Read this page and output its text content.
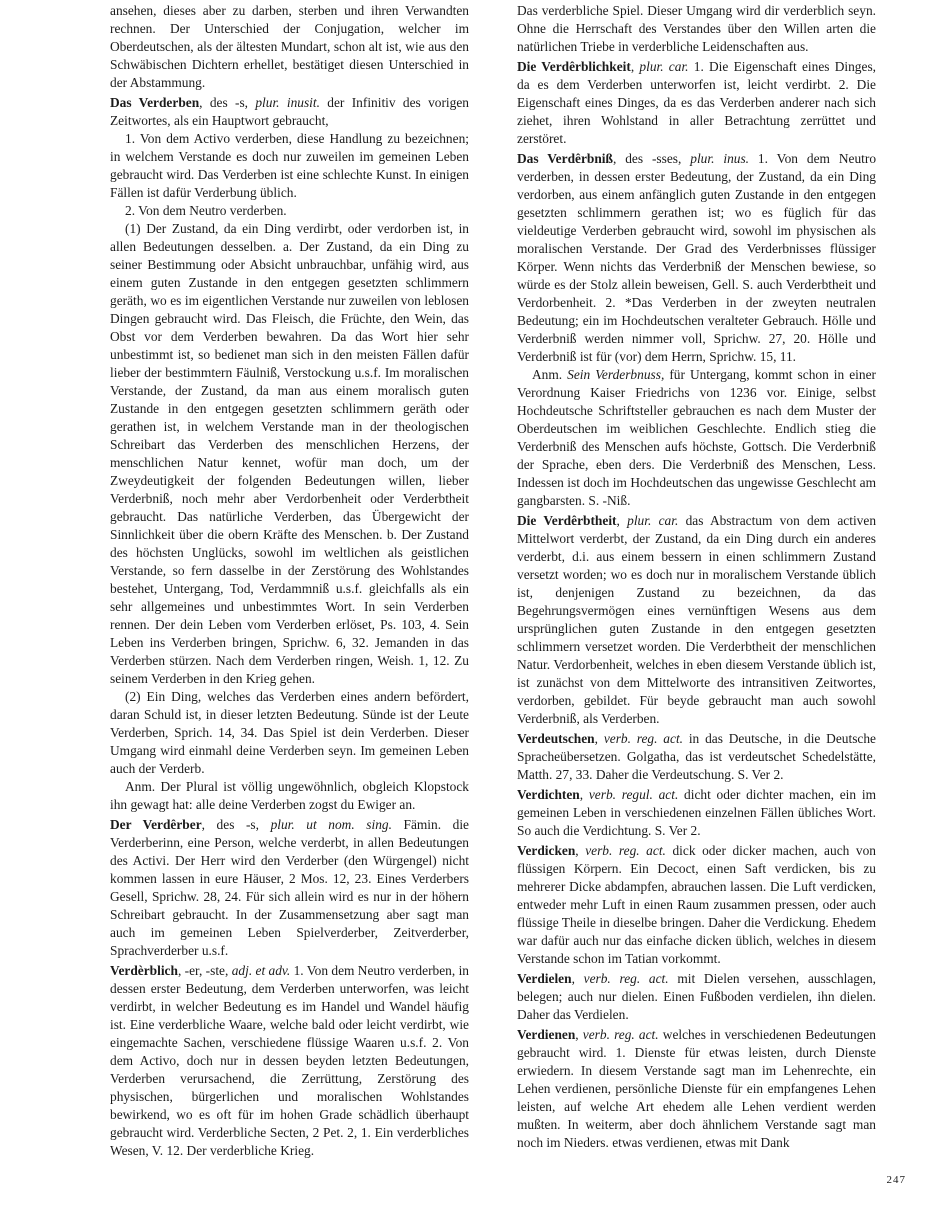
ansehen, dieses aber zu darben, sterben und ihren Verwandten rechnen. Der Unterschied der Conjugation, welcher im Oberdeutschen, als der ältesten Mundart, schon alt ist, wie aus den Schwäbischen Dichtern erhellet, bestätiget diesen Unterschied in der Abstammung.

Das Verderben, des -s, plur. inusit. der Infinitiv des vorigen Zeitwortes, als ein Hauptwort gebraucht,

1. Von dem Activo verderben, diese Handlung zu bezeichnen; in welchem Verstande es doch nur zuweilen im gemeinen Leben gebraucht wird. Das Verderben ist eine schlechte Kunst. In einigen Fällen ist dafür Verderbung üblich.

2. Von dem Neutro verderben.

(1) Der Zustand, da ein Ding verdirbt, oder verdorben ist, in allen Bedeutungen desselben. a. Der Zustand, da ein Ding zu seiner Bestimmung oder Absicht unbrauchbar, unfähig wird, aus einem guten Zustande in den entgegen gesetzten schlimmern geräth, wo es im eigentlichen Verstande nur zuweilen von leblosen Dingen gebraucht wird. Das Fleisch, die Früchte, den Wein, das Obst vor dem Verderben bewahren. Da das Wort hier sehr unbestimmt ist, so bedienet man sich in den meisten Fällen dafür lieber der bestimmtern Fäulniß, Verstockung u.s.f. Im moralischen Verstande, der Zustand, da man aus einem moralisch guten Zustande in den entgegen gesetzten schlimmern geräth oder gerathen ist, in welchem Verstande man in der theologischen Schreibart das Verderben des menschlichen Herzens, der menschlichen Natur kennet, wofür man doch, um der Zweydeutigkeit der folgenden Bedeutungen willen, lieber Verderbniß, noch mehr aber Verdorbenheit oder Verderbtheit gebraucht. Das natürliche Verderben, das Übergewicht der Sinnlichkeit über die obern Kräfte des Menschen. b. Der Zustand des höchsten Unglücks, sowohl im weltlichen als geistlichen Verstande, so fern dasselbe in der Zerstörung des Wohlstandes bestehet, Untergang, Tod, Verdammniß u.s.f. gleichfalls als ein sehr allgemeines und unbestimmtes Wort. In sein Verderben rennen. Der dein Leben vom Verderben erlöset, Ps. 103, 4. Sein Leben ins Verderben bringen, Sprichw. 6, 32. Jemanden in das Verderben stürzen. Nach dem Verderben ringen, Weish. 1, 12. Zu seinem Verderben in den Krieg gehen.

(2) Ein Ding, welches das Verderben eines andern befördert, daran Schuld ist, in dieser letzten Bedeutung. Sünde ist der Leute Verderben, Sprich. 14, 34. Das Spiel ist dein Verderben. Dieser Umgang wird einmahl deine Verderben seyn. Im gemeinen Leben auch der Verderb.

Anm. Der Plural ist völlig ungewöhnlich, obgleich Klopstock ihn gewagt hat: alle deine Verderben zogst du Ewiger an.

Der Verdêrber, des -s, plur. ut nom. sing. Fämin. die Verderberinn, eine Person, welche verderbt, in allen Bedeutungen des Activi. Der Herr wird den Verderber (den Würgengel) nicht kommen lassen in eure Häuser, 2 Mos. 12, 23. Eines Verderbers Gesell, Sprichw. 28, 24. Für sich allein wird es nur in der höhern Schreibart gebraucht. In der Zusammensetzung aber sagt man auch im gemeinen Leben Spielverderber, Zeitverderber, Sprachverderber u.s.f.

Verdèrblich, -er, -ste, adj. et adv. 1. Von dem Neutro verderben, in dessen erster Bedeutung, dem Verderben unterworfen, was leicht verdirbt, in welcher Bedeutung es im Handel und Wandel häufig ist. Eine verderbliche Waare, welche bald oder leicht verdirbt, wie eingemachte Sachen, verschiedene flüssige Waaren u.s.f. 2. Von dem Activo, doch nur in dessen beyden letzten Bedeutungen, Verderben verursachend, die Zerrüttung, Zerstörung des physischen, bürgerlichen und moralischen Wohlstandes bewirkend, wo es oft für im hohen Grade schädlich überhaupt gebraucht wird. Verderbliche Secten, 2 Pet. 2, 1. Ein verderbliches Wesen, V. 12. Der verderbliche Krieg.

Das verderbliche Spiel. Dieser Umgang wird dir verderblich seyn. Ohne die Herrschaft des Verstandes über den Willen arten die natürlichen Triebe in verderbliche Leidenschaften aus.

Die Verdêrblichkeit, plur. car. 1. Die Eigenschaft eines Dinges, da es dem Verderben unterworfen ist, leicht verdirbt. 2. Die Eigenschaft eines Dinges, da es das Verderben anderer nach sich ziehet, ihren Wohlstand in aller Betrachtung zerrüttet und zerstöret.

Das Verdêrbniß, des -sses, plur. inus. 1. Von dem Neutro verderben, in dessen erster Bedeutung, der Zustand, da ein Ding verdorben, aus einem anfänglich guten Zustande in den entgegen gesetzten schlimmern gerathen ist; wo es füglich für das vieldeutige Verderben gebraucht wird, sowohl im physischen als moralischen Verstande. Der Grad des Verderbnisses flüssiger Körper. Wenn nichts das Verderbniß der Menschen bewiese, so würde es der Stolz allein beweisen, Gell. S. auch Verderbtheit und Verdorbenheit. 2. *Das Verderben in der zweyten neutralen Bedeutung; ein im Hochdeutschen veralteter Gebrauch. Hölle und Verderbniß werden nimmer voll, Sprichw. 27, 20. Hölle und Verderbniß ist für (vor) dem Herrn, Sprichw. 15, 11.

Anm. Sein Verderbnuss, für Untergang, kommt schon in einer Verordnung Kaiser Friedrichs von 1236 vor. Einige, selbst Hochdeutsche Schriftsteller gebrauchen es nach dem Muster der Oberdeutschen im weiblichen Geschlechte. Endlich stieg die Verderbniß des Menschen aufs höchste, Gottsch. Die Verderbniß der Sprache, eben ders. Die Verderbniß des Menschen, Less. Indessen ist doch im Hochdeutschen das ungewisse Geschlecht am gangbarsten. S. -Niß.

Die Verdêrbtheit, plur. car. das Abstractum von dem activen Mittelwort verderbt, der Zustand, da ein Ding durch ein anderes verderbt, d.i. aus einem bessern in einen schlimmern Zustand versetzt worden; wo es doch nur in moralischem Verstande üblich ist, denjenigen Zustand zu bezeichnen, da das Begehrungsvermögen eines vernünftigen Wesens aus dem ursprünglichen guten Zustande in den entgegen gesetzten schlimmern versetzet worden. Die Verderbtheit der menschlichen Natur. Verdorbenheit, welches in eben diesem Verstande üblich ist, ist zunächst von dem Mittelworte des intransitiven Zeitwortes, verdorben, gebildet. Für beyde gebraucht man auch sowohl Verderbniß, als Verderben.

Verdeutschen, verb. reg. act. in das Deutsche, in die Deutsche Spracheübersetzen. Golgatha, das ist verdeutschet Schedelstätte, Matth. 27, 33. Daher die Verdeutschung. S. Ver 2.

Verdichten, verb. regul. act. dicht oder dichter machen, ein im gemeinen Leben in verschiedenen einzelnen Fällen übliches Wort. So auch die Verdichtung. S. Ver 2.

Verdicken, verb. reg. act. dick oder dicker machen, auch von flüssigen Körpern. Ein Decoct, einen Saft verdicken, bis zu mehrerer Dicke abdampfen, abrauchen lassen. Die Luft verdicken, entweder mehr Luft in einen Raum zusammen pressen, oder auch flüssige Theile in dieselbe bringen. Daher die Verdickung. Ehedem war dafür auch nur das einfache dicken üblich, welches in diesem Verstande schon im Tatian vorkommt.

Verdielen, verb. reg. act. mit Dielen versehen, ausschlagen, belegen; auch nur dielen. Einen Fußboden verdielen, ihn dielen. Daher das Verdielen.

Verdienen, verb. reg. act. welches in verschiedenen Bedeutungen gebraucht wird. 1. Dienste für etwas leisten, durch Dienste erwiedern. In diesem Verstande sagt man im Lehenrechte, ein Lehen verdienen, persönliche Dienste für ein empfangenes Lehen leisten, auf welche Art ehedem alle Lehen verdient werden mußten. In weiterm, aber doch ähnlichem Verstande sagt man noch im Nieders. etwas verdienen, etwas mit Dank

247
